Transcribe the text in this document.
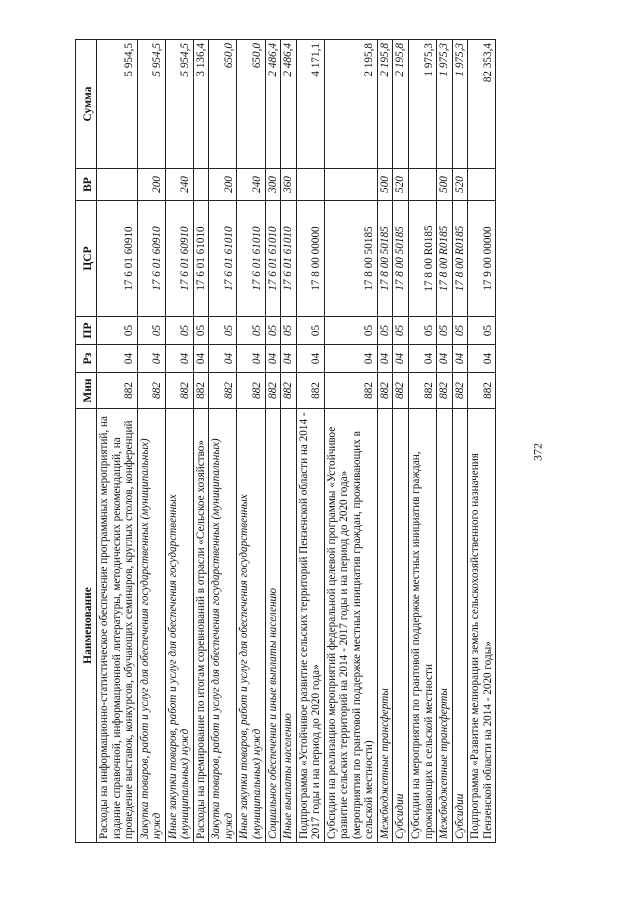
372
Наименование	Мин	Рз	ПР	ЦСР	ВР	Сумма
Расходы на информационно-статистическое обеспечение программных мероприятий, на издание справочной, информационной литературы, методических рекомендаций, на проведение выставок, конкурсов, обучающих семинаров, круглых столов, конференций	882	04	05	17 6 01 60910		5 954,5
Закупка товаров, работ и услуг для обеспечения государственных (муниципальных) нужд	882	04	05	17 6 01 60910	200	5 954,5
Иные закупки товаров, работ и услуг для обеспечения государственных (муниципальных) нужд	882	04	05	17 6 01 60910	240	5 954,5
Расходы на премирование по итогам соревнований в отрасли «Сельское хозяйство»	882	04	05	17 6 01 61010		3 136,4
Закупка товаров, работ и услуг для обеспечения государственных (муниципальных) нужд	882	04	05	17 6 01 61010	200	650,0
Иные закупки товаров, работ и услуг для обеспечения государственных (муниципальных) нужд	882	04	05	17 6 01 61010	240	650,0
Социальное обеспечение и иные выплаты населению	882	04	05	17 6 01 61010	300	2 486,4
Иные выплаты населению	882	04	05	17 6 01 61010	360	2 486,4
Подпрограмма «Устойчивое развитие сельских территорий Пензенской области на 2014 - 2017 годы и на период до 2020 года»	882	04	05	17 8 00 00000		4 171,1
Субсидии на реализацию мероприятий федеральной целевой программы «Устойчивое развитие сельских территорий на 2014 - 2017 годы и на период до 2020 года» (мероприятия по грантовой поддержке местных инициатив граждан, проживающих в сельской местности)	882	04	05	17 8 00 50185		2 195,8
Межбюджетные трансферты	882	04	05	17 8 00 50185	500	2 195,8
Субсидии	882	04	05	17 8 00 50185	520	2 195,8
Субсидии на мероприятия по грантовой поддержке местных инициатив граждан, проживающих в сельской местности	882	04	05	17 8 00 R0185		1 975,3
Межбюджетные трансферты	882	04	05	17 8 00 R0185	500	1 975,3
Субсидии	882	04	05	17 8 00 R0185	520	1 975,3
Подпрограмма «Развитие мелиорации земель сельскохозяйственного назначения Пензенской области на 2014 - 2020 годы»	882	04	05	17 9 00 00000		82 353,4
